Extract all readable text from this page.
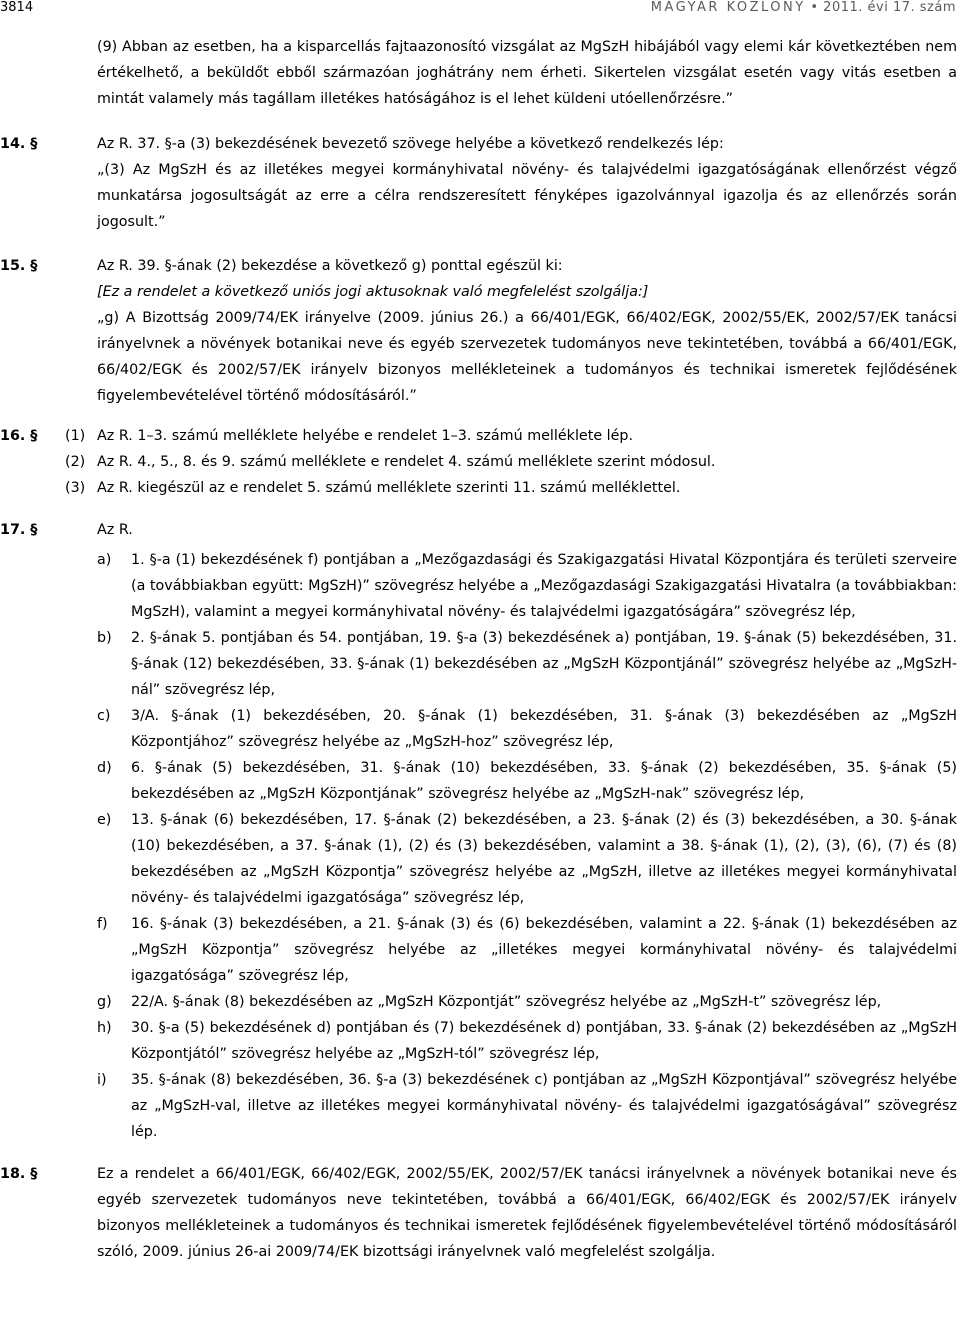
3814	MAGYAR KÖZLÖNY • 2011. évi 17. szám
(9) Abban az esetben, ha a kisparcellás fajtaazonosító vizsgálat az MgSzH hibájából vagy elemi kár következtében nem értékelhető, a beküldőt ebből származóan joghátrány nem érheti. Sikertelen vizsgálat esetén vagy vitás esetben a mintát valamely más tagállam illetékes hatóságához is el lehet küldeni utóellenőrzésre.”
14. §	Az R. 37. §-a (3) bekezdésének bevezető szövege helyébe a következő rendelkezés lép:
„(3) Az MgSzH és az illetékes megyei kormányhivatal növény- és talajvédelmi igazgatóságának ellenőrzést végző munkatársa jogosultságát az erre a célra rendszeresített fényképes igazolvánnyal igazolja és az ellenőrzés során jogosult.”
15. §	Az R. 39. §-ának (2) bekezdése a következő g) ponttal egészül ki:
[Ez a rendelet a következő uniós jogi aktusoknak való megfelelést szolgálja:]
„g) A Bizottság 2009/74/EK irányelve (2009. június 26.) a 66/401/EGK, 66/402/EGK, 2002/55/EK, 2002/57/EK tanácsi irányelvnek a növények botanikai neve és egyéb szervezetek tudományos neve tekintetében, továbbá a 66/401/EGK, 66/402/EGK és 2002/57/EK irányelv bizonyos mellékleteinek a tudományos és technikai ismeretek fejlődésének figyelembevételével történő módosításáról.”
16. § (1) Az R. 1–3. számú melléklete helyébe e rendelet 1–3. számú melléklete lép.
(2) Az R. 4., 5., 8. és 9. számú melléklete e rendelet 4. számú melléklete szerint módosul.
(3) Az R. kiegészül az e rendelet 5. számú melléklete szerinti 11. számú melléklettel.
17. §	Az R.
a) 1. §-a (1) bekezdésének f) pontjában a „Mezőgazdasági és Szakigazgatási Hivatal Központjára és területi szerveire (a továbbiakban együtt: MgSzH)” szövegrész helyébe a „Mezőgazdasági Szakigazgatási Hivatalra (a továbbiakban: MgSzH), valamint a megyei kormányhivatal növény- és talajvédelmi igazgatóságára” szövegrész lép,
b) 2. §-ának 5. pontjában és 54. pontjában, 19. §-a (3) bekezdésének a) pontjában, 19. §-ának (5) bekezdésében, 31. §-ának (12) bekezdésében, 33. §-ának (1) bekezdésében az „MgSzH Központjánál” szövegrész helyébe az „MgSzH-nál” szövegrész lép,
c) 3/A. §-ának (1) bekezdésében, 20. §-ának (1) bekezdésében, 31. §-ának (3) bekezdésében az „MgSzH Központjához” szövegrész helyébe az „MgSzH-hoz” szövegrész lép,
d) 6. §-ának (5) bekezdésében, 31. §-ának (10) bekezdésében, 33. §-ának (2) bekezdésében, 35. §-ának (5) bekezdésében az „MgSzH Központjának” szövegrész helyébe az „MgSzH-nak” szövegrész lép,
e) 13. §-ának (6) bekezdésében, 17. §-ának (2) bekezdésében, a 23. §-ának (2) és (3) bekezdésében, a 30. §-ának (10) bekezdésében, a 37. §-ának (1), (2) és (3) bekezdésében, valamint a 38. §-ának (1), (2), (3), (6), (7) és (8) bekezdésében az „MgSzH Központja” szövegrész helyébe az „MgSzH, illetve az illetékes megyei kormányhivatal növény- és talajvédelmi igazgatósága” szövegrész lép,
f) 16. §-ának (3) bekezdésében, a 21. §-ának (3) és (6) bekezdésében, valamint a 22. §-ának (1) bekezdésében az „MgSzH Központja” szövegrész helyébe az „illetékes megyei kormányhivatal növény- és talajvédelmi igazgatósága” szövegrész lép,
g) 22/A. §-ának (8) bekezdésében az „MgSzH Központját” szövegrész helyébe az „MgSzH-t” szövegrész lép,
h) 30. §-a (5) bekezdésének d) pontjában és (7) bekezdésének d) pontjában, 33. §-ának (2) bekezdésében az „MgSzH Központjától” szövegrész helyébe az „MgSzH-tól” szövegrész lép,
i) 35. §-ának (8) bekezdésében, 36. §-a (3) bekezdésének c) pontjában az „MgSzH Központjával” szövegrész helyébe az „MgSzH-val, illetve az illetékes megyei kormányhivatal növény- és talajvédelmi igazgatóságával” szövegrész lép.
18. §	Ez a rendelet a 66/401/EGK, 66/402/EGK, 2002/55/EK, 2002/57/EK tanácsi irányelvnek a növények botanikai neve és egyéb szervezetek tudományos neve tekintetében, továbbá a 66/401/EGK, 66/402/EGK és 2002/57/EK irányelv bizonyos mellékleteinek a tudományos és technikai ismeretek fejlődésének figyelembevételével történő módosításáról szóló, 2009. június 26-ai 2009/74/EK bizottsági irányelvnek való megfelelést szolgálja.
